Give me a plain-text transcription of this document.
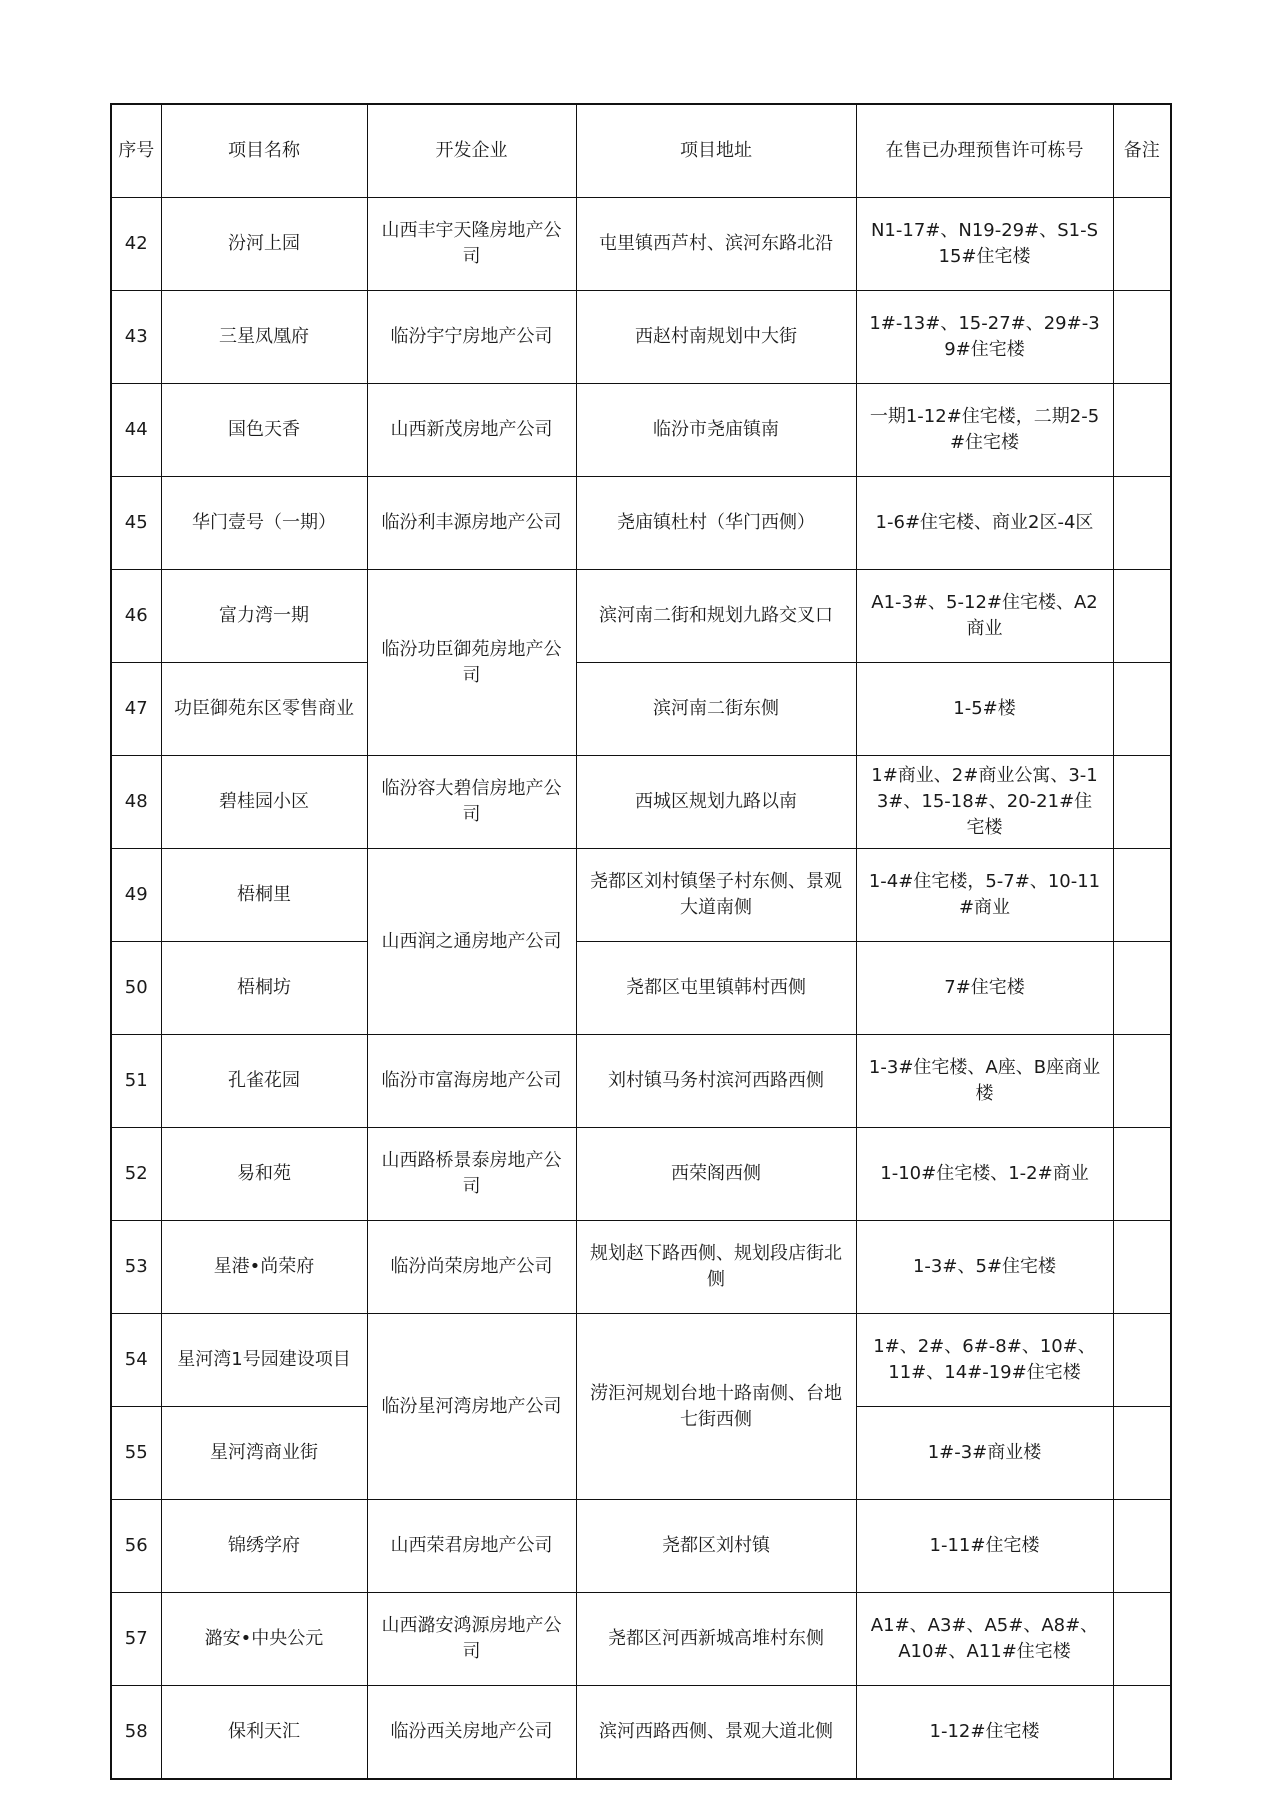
序号	项目名称	开发企业	项目地址	在售已办理预售许可栋号	备注
42	汾河上园	山西丰宇天隆房地产公司	屯里镇西芦村、滨河东路北沿	N1-17#、N19-29#、S1-S15#住宅楼	
43	三星凤凰府	临汾宇宁房地产公司	西赵村南规划中大街	1#-13#、15-27#、29#-39#住宅楼	
44	国色天香	山西新茂房地产公司	临汾市尧庙镇南	一期1-12#住宅楼，二期2-5#住宅楼	
45	华门壹号（一期）	临汾利丰源房地产公司	尧庙镇杜村（华门西侧）	1-6#住宅楼、商业2区-4区	
46	富力湾一期	临汾功臣御苑房地产公司	滨河南二街和规划九路交叉口	A1-3#、5-12#住宅楼、A2商业	
47	功臣御苑东区零售商业		滨河南二街东侧	1-5#楼	
48	碧桂园小区	临汾容大碧信房地产公司	西城区规划九路以南	1#商业、2#商业公寓、3-13#、15-18#、20-21#住宅楼	
49	梧桐里	山西润之通房地产公司	尧都区刘村镇堡子村东侧、景观大道南侧	1-4#住宅楼，5-7#、10-11#商业	
50	梧桐坊		尧都区屯里镇韩村西侧	7#住宅楼	
51	孔雀花园	临汾市富海房地产公司	刘村镇马务村滨河西路西侧	1-3#住宅楼、A座、B座商业楼	
52	易和苑	山西路桥景泰房地产公司	西荣阁西侧	1-10#住宅楼、1-2#商业	
53	星港•尚荣府	临汾尚荣房地产公司	规划赵下路西侧、规划段店街北侧	1-3#、5#住宅楼	
54	星河湾1号园建设项目	临汾星河湾房地产公司	涝洰河规划台地十路南侧、台地七街西侧	1#、2#、6#-8#、10#、11#、14#-19#住宅楼	
55	星河湾商业街			1#-3#商业楼	
56	锦绣学府	山西荣君房地产公司	尧都区刘村镇	1-11#住宅楼	
57	潞安•中央公元	山西潞安鸿源房地产公司	尧都区河西新城高堆村东侧	A1#、A3#、A5#、A8#、A10#、A11#住宅楼	
58	保利天汇	临汾西关房地产公司	滨河西路西侧、景观大道北侧	1-12#住宅楼	
